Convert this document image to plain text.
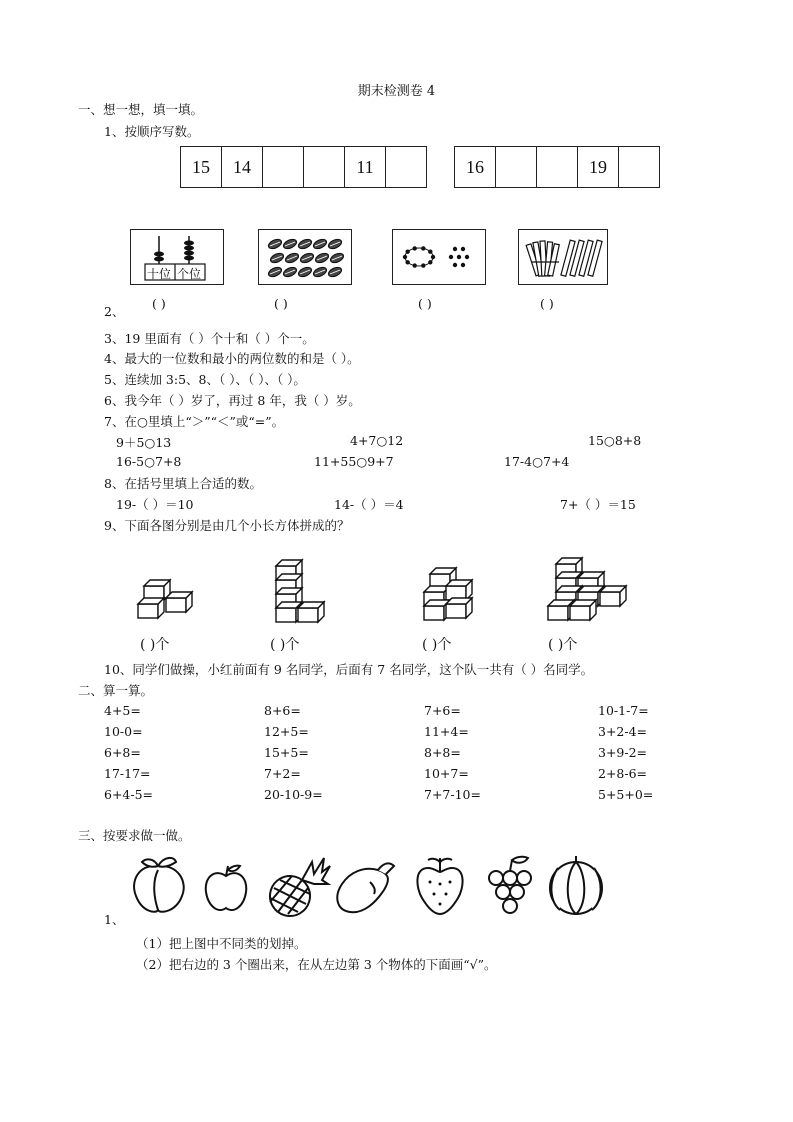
期末检测卷 4
一、想一想，填一填。
1、按顺序写数。
15	14	11	16	19
十位 个位
2、
( )	( )	( )	( )
3、19 里面有（ ）个十和（ ）个一。
4、最大的一位数和最小的两位数的和是（ ）。
5、连续加 3:5、8、（ ）、（ ）、（ ）。
6、我今年（ ）岁了，再过 8 年，我（ ）岁。
7、在○里填上“＞”“＜”或“=”。
9＋5○13	4+7○12	15○8+8
16-5○7+8	11+55○9+7	17-4○7+4
8、在括号里填上合适的数。
19-（ ）＝10	14-（ ）＝4	7+（ ）＝15
9、下面各图分别是由几个小长方体拼成的？
( )个	( )个	( )个	( )个
10、同学们做操，小红前面有 9 名同学，后面有 7 名同学，这个队一共有（ ）名同学。
二、算一算。
4+5=	8+6=	7+6=	10-1-7=
10-0=	12+5=	11+4=	3+2-4=
6+8=	15+5=	8+8=	3+9-2=
17-17=	7+2=	10+7=	2+8-6=
6+4-5=	20-10-9=	7+7-10=	5+5+0=
三、按要求做一做。
1、
（1）把上图中不同类的划掉。
（2）把右边的 3 个圈出来，在从左边第 3 个物体的下面画“√”。
